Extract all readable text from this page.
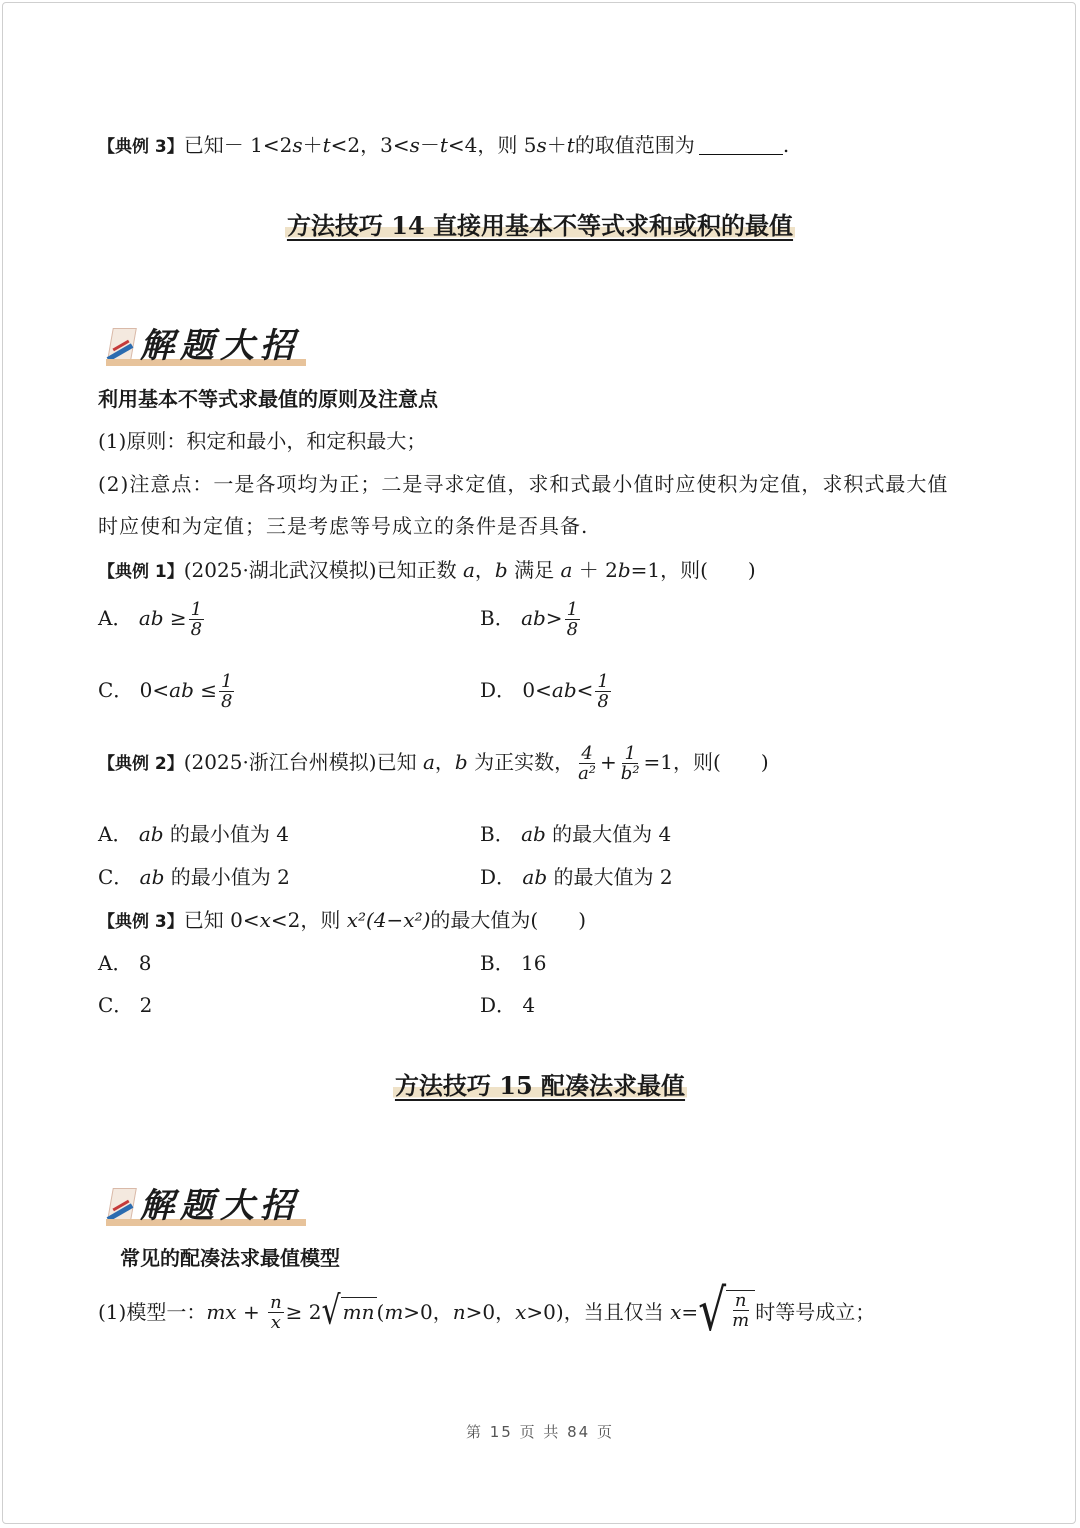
【典例 3】已知－ 1<2s＋t<2，3<s－t<4，则 5s＋t的取值范围为	.
方法技巧 14 直接用基本不等式求和或积的最值
解题大招
利用基本不等式求最值的原则及注意点
(1)原则：积定和最小，和定积最大；
(2)注意点：一是各项均为正；二是寻求定值，求和式最小值时应使积为定值，求积式最大值
时应使和为定值；三是考虑等号成立的条件是否具备.
【典例 1】(2025·湖北武汉模拟)已知正数 a，b 满足 a ＋ 2b=1，则(　　)
A． ab ≥ $\frac{1}{8}$	B． $ab> \frac{1}{8}$
C． $0<ab \le \frac{1}{8}$	D． $0<ab< \frac{1}{8}$
【典例 2】(2025·浙江台州模拟)已知 a，b 为正实数， $\frac{4}{\text{a²}} + \frac{1}{\text{b²}} =1$，则(　　)
A． ab 的最小值为 4	B． ab 的最大值为 4
C． ab 的最小值为 2	D． ab 的最大值为 2
【典例 3】已知 0<x<2，则 x²(4−x²)的最大值为(　　)
A． 8	B． 16
C． 2	D． 4
方法技巧 15 配凑法求最值
解题大招
常见的配凑法求最值模型
(1)模型一： mx + $\frac{n}{x} \ge 2$ √ mn ( m >0， n >0， x >0)，当且仅当 x = √ $\frac{n}{m}$ 时等号成立；
第 15 页 共 84 页
